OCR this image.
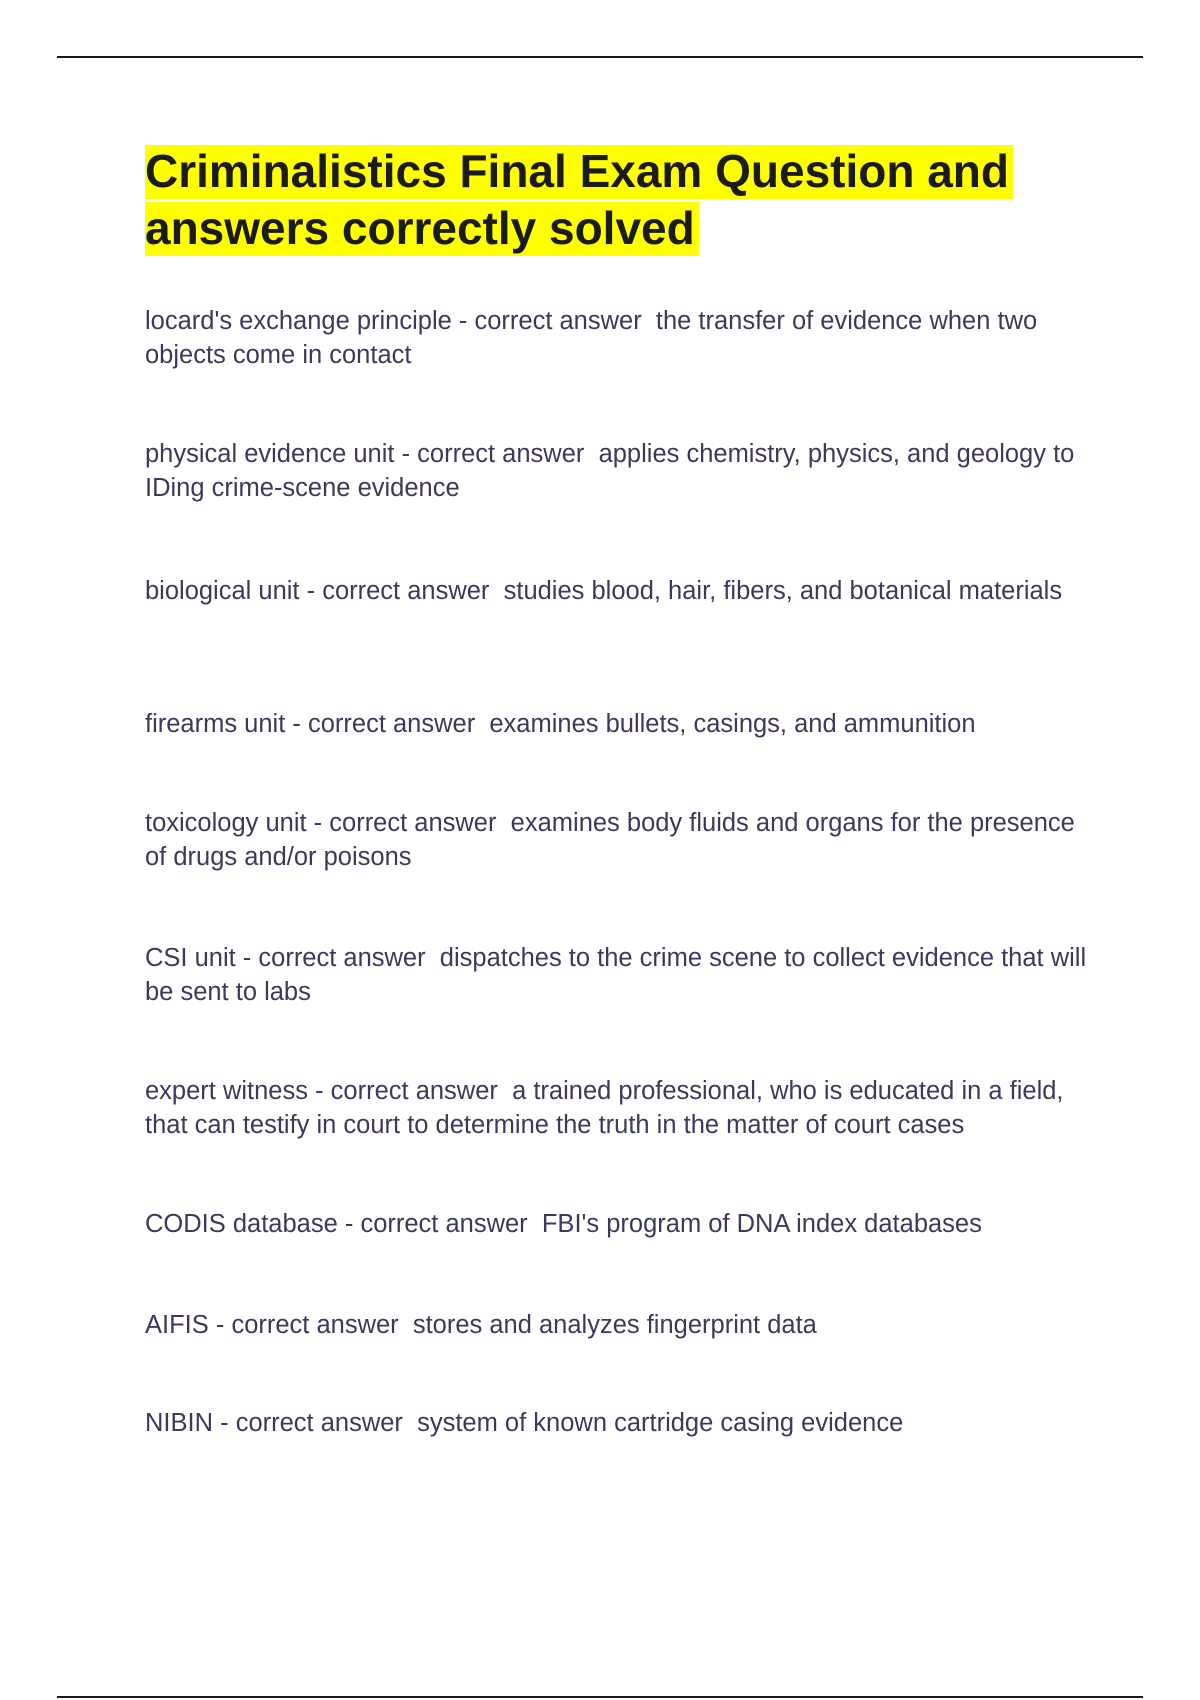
Criminalistics Final Exam Question and answers correctly solved
locard's exchange principle - correct answer the transfer of evidence when two objects come in contact
physical evidence unit - correct answer applies chemistry, physics, and geology to IDing crime-scene evidence
biological unit - correct answer studies blood, hair, fibers, and botanical materials
firearms unit - correct answer examines bullets, casings, and ammunition
toxicology unit - correct answer examines body fluids and organs for the presence of drugs and/or poisons
CSI unit - correct answer dispatches to the crime scene to collect evidence that will be sent to labs
expert witness - correct answer a trained professional, who is educated in a field, that can testify in court to determine the truth in the matter of court cases
CODIS database - correct answer FBI's program of DNA index databases
AIFIS - correct answer stores and analyzes fingerprint data
NIBIN - correct answer system of known cartridge casing evidence
